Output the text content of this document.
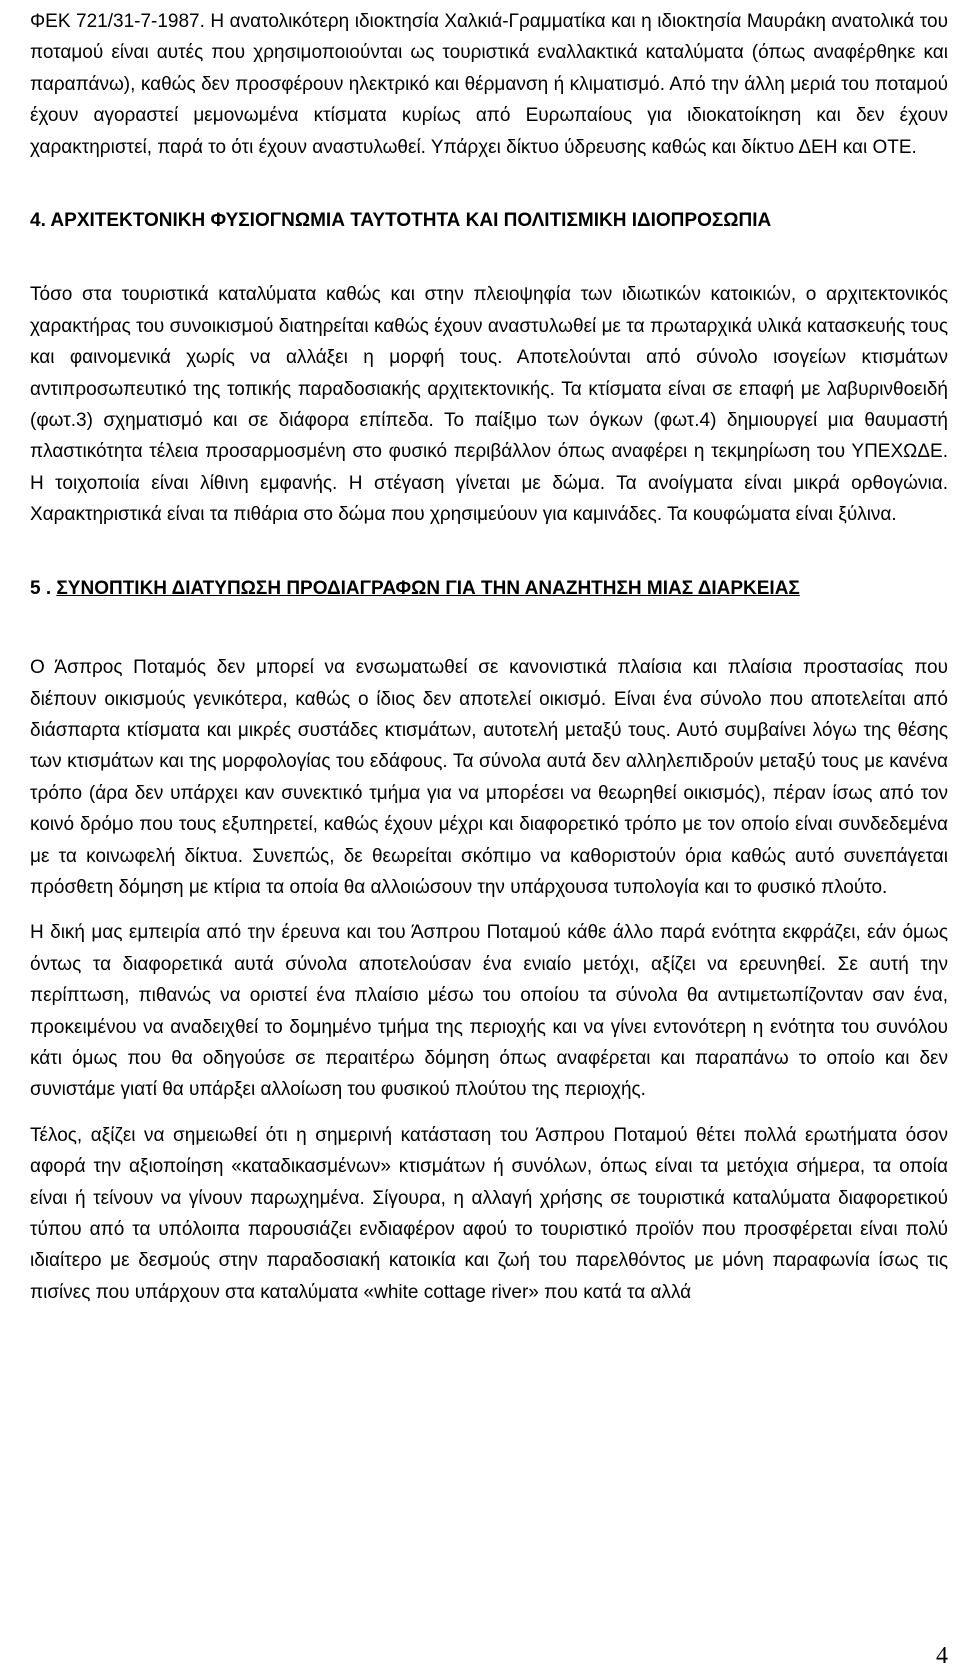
ΦΕΚ 721/31-7-1987. Η ανατολικότερη ιδιοκτησία Χαλκιά-Γραμματίκα και η ιδιοκτησία Μαυράκη ανατολικά του ποταμού είναι αυτές που χρησιμοποιούνται ως τουριστικά εναλλακτικά καταλύματα (όπως αναφέρθηκε και παραπάνω), καθώς δεν προσφέρουν ηλεκτρικό και θέρμανση ή κλιματισμό. Από την άλλη μεριά του ποταμού έχουν αγοραστεί μεμονωμένα κτίσματα κυρίως από Ευρωπαίους για ιδιοκατοίκηση και δεν έχουν χαρακτηριστεί, παρά το ότι έχουν αναστυλωθεί. Υπάρχει δίκτυο ύδρευσης καθώς και δίκτυο ΔΕΗ και ΟΤΕ.

4. ΑΡΧΙΤΕΚΤΟΝΙΚΗ ΦΥΣΙΟΓΝΩΜΙΑ ΤΑΥΤΟΤΗΤΑ ΚΑΙ ΠΟΛΙΤΙΣΜΙΚΗ ΙΔΙΟΠΡΟΣΩΠΙΑ

Τόσο στα τουριστικά καταλύματα καθώς και στην πλειοψηφία των ιδιωτικών κατοικιών, ο αρχιτεκτονικός χαρακτήρας του συνοικισμού διατηρείται καθώς έχουν αναστυλωθεί με τα πρωταρχικά υλικά κατασκευής τους και φαινομενικά χωρίς να αλλάξει η μορφή τους. Αποτελούνται από σύνολο ισογείων κτισμάτων αντιπροσωπευτικό της τοπικής παραδοσιακής αρχιτεκτονικής. Τα κτίσματα είναι σε επαφή με λαβυρινθοειδή (φωτ.3) σχηματισμό και σε διάφορα επίπεδα. Το παίξιμο των όγκων (φωτ.4) δημιουργεί μια θαυμαστή πλαστικότητα τέλεια προσαρμοσμένη στο φυσικό περιβάλλον όπως αναφέρει η τεκμηρίωση του ΥΠΕΧΩΔΕ. Η τοιχοποιία είναι λίθινη εμφανής. Η στέγαση γίνεται με δώμα. Τα ανοίγματα είναι μικρά ορθογώνια. Χαρακτηριστικά είναι τα πιθάρια στο δώμα που χρησιμεύουν για καμινάδες. Τα κουφώματα είναι ξύλινα.

5 . ΣΥΝΟΠΤΙΚΗ ΔΙΑΤΥΠΩΣΗ ΠΡΟΔΙΑΓΡΑΦΩΝ ΓΙΑ ΤΗΝ ΑΝΑΖΗΤΗΣΗ ΜΙΑΣ ΔΙΑΡΚΕΙΑΣ

Ο Άσπρος Ποταμός δεν μπορεί να ενσωματωθεί σε κανονιστικά πλαίσια και πλαίσια προστασίας που διέπουν οικισμούς γενικότερα, καθώς ο ίδιος δεν αποτελεί οικισμό. Είναι ένα σύνολο που αποτελείται από διάσπαρτα κτίσματα και μικρές συστάδες κτισμάτων, αυτοτελή μεταξύ τους. Αυτό συμβαίνει λόγω της θέσης των κτισμάτων και της μορφολογίας του εδάφους. Τα σύνολα αυτά δεν αλληλεπιδρούν μεταξύ τους με κανένα τρόπο (άρα δεν υπάρχει καν συνεκτικό τμήμα για να μπορέσει να θεωρηθεί οικισμός), πέραν ίσως από τον κοινό δρόμο που τους εξυπηρετεί, καθώς έχουν μέχρι και διαφορετικό τρόπο με τον οποίο είναι συνδεδεμένα με τα κοινωφελή δίκτυα. Συνεπώς, δε θεωρείται σκόπιμο να καθοριστούν όρια καθώς αυτό συνεπάγεται πρόσθετη δόμηση με κτίρια τα οποία θα αλλοιώσουν την υπάρχουσα τυπολογία και το φυσικό πλούτο.

Η δική μας εμπειρία από την έρευνα και του Άσπρου Ποταμού κάθε άλλο παρά ενότητα εκφράζει, εάν όμως όντως τα διαφορετικά αυτά σύνολα αποτελούσαν ένα ενιαίο μετόχι, αξίζει να ερευνηθεί. Σε αυτή την περίπτωση, πιθανώς να οριστεί ένα πλαίσιο μέσω του οποίου τα σύνολα θα αντιμετωπίζονταν σαν ένα, προκειμένου να αναδειχθεί το δομημένο τμήμα της περιοχής και να γίνει εντονότερη η ενότητα του συνόλου κάτι όμως που θα οδηγούσε σε περαιτέρω δόμηση όπως αναφέρεται και παραπάνω το οποίο και δεν συνιστάμε γιατί θα υπάρξει αλλοίωση του φυσικού πλούτου της περιοχής.

Τέλος, αξίζει να σημειωθεί ότι η σημερινή κατάσταση του Άσπρου Ποταμού θέτει πολλά ερωτήματα όσον αφορά την αξιοποίηση «καταδικασμένων» κτισμάτων ή συνόλων, όπως είναι τα μετόχια σήμερα, τα οποία είναι ή τείνουν να γίνουν παρωχημένα. Σίγουρα, η αλλαγή χρήσης σε τουριστικά καταλύματα διαφορετικού τύπου από τα υπόλοιπα παρουσιάζει ενδιαφέρον αφού το τουριστικό προϊόν που προσφέρεται είναι πολύ ιδιαίτερο με δεσμούς στην παραδοσιακή κατοικία και ζωή του παρελθόντος με μόνη παραφωνία ίσως τις πισίνες που υπάρχουν στα καταλύματα «white cottage river» που κατά τα αλλά

4
